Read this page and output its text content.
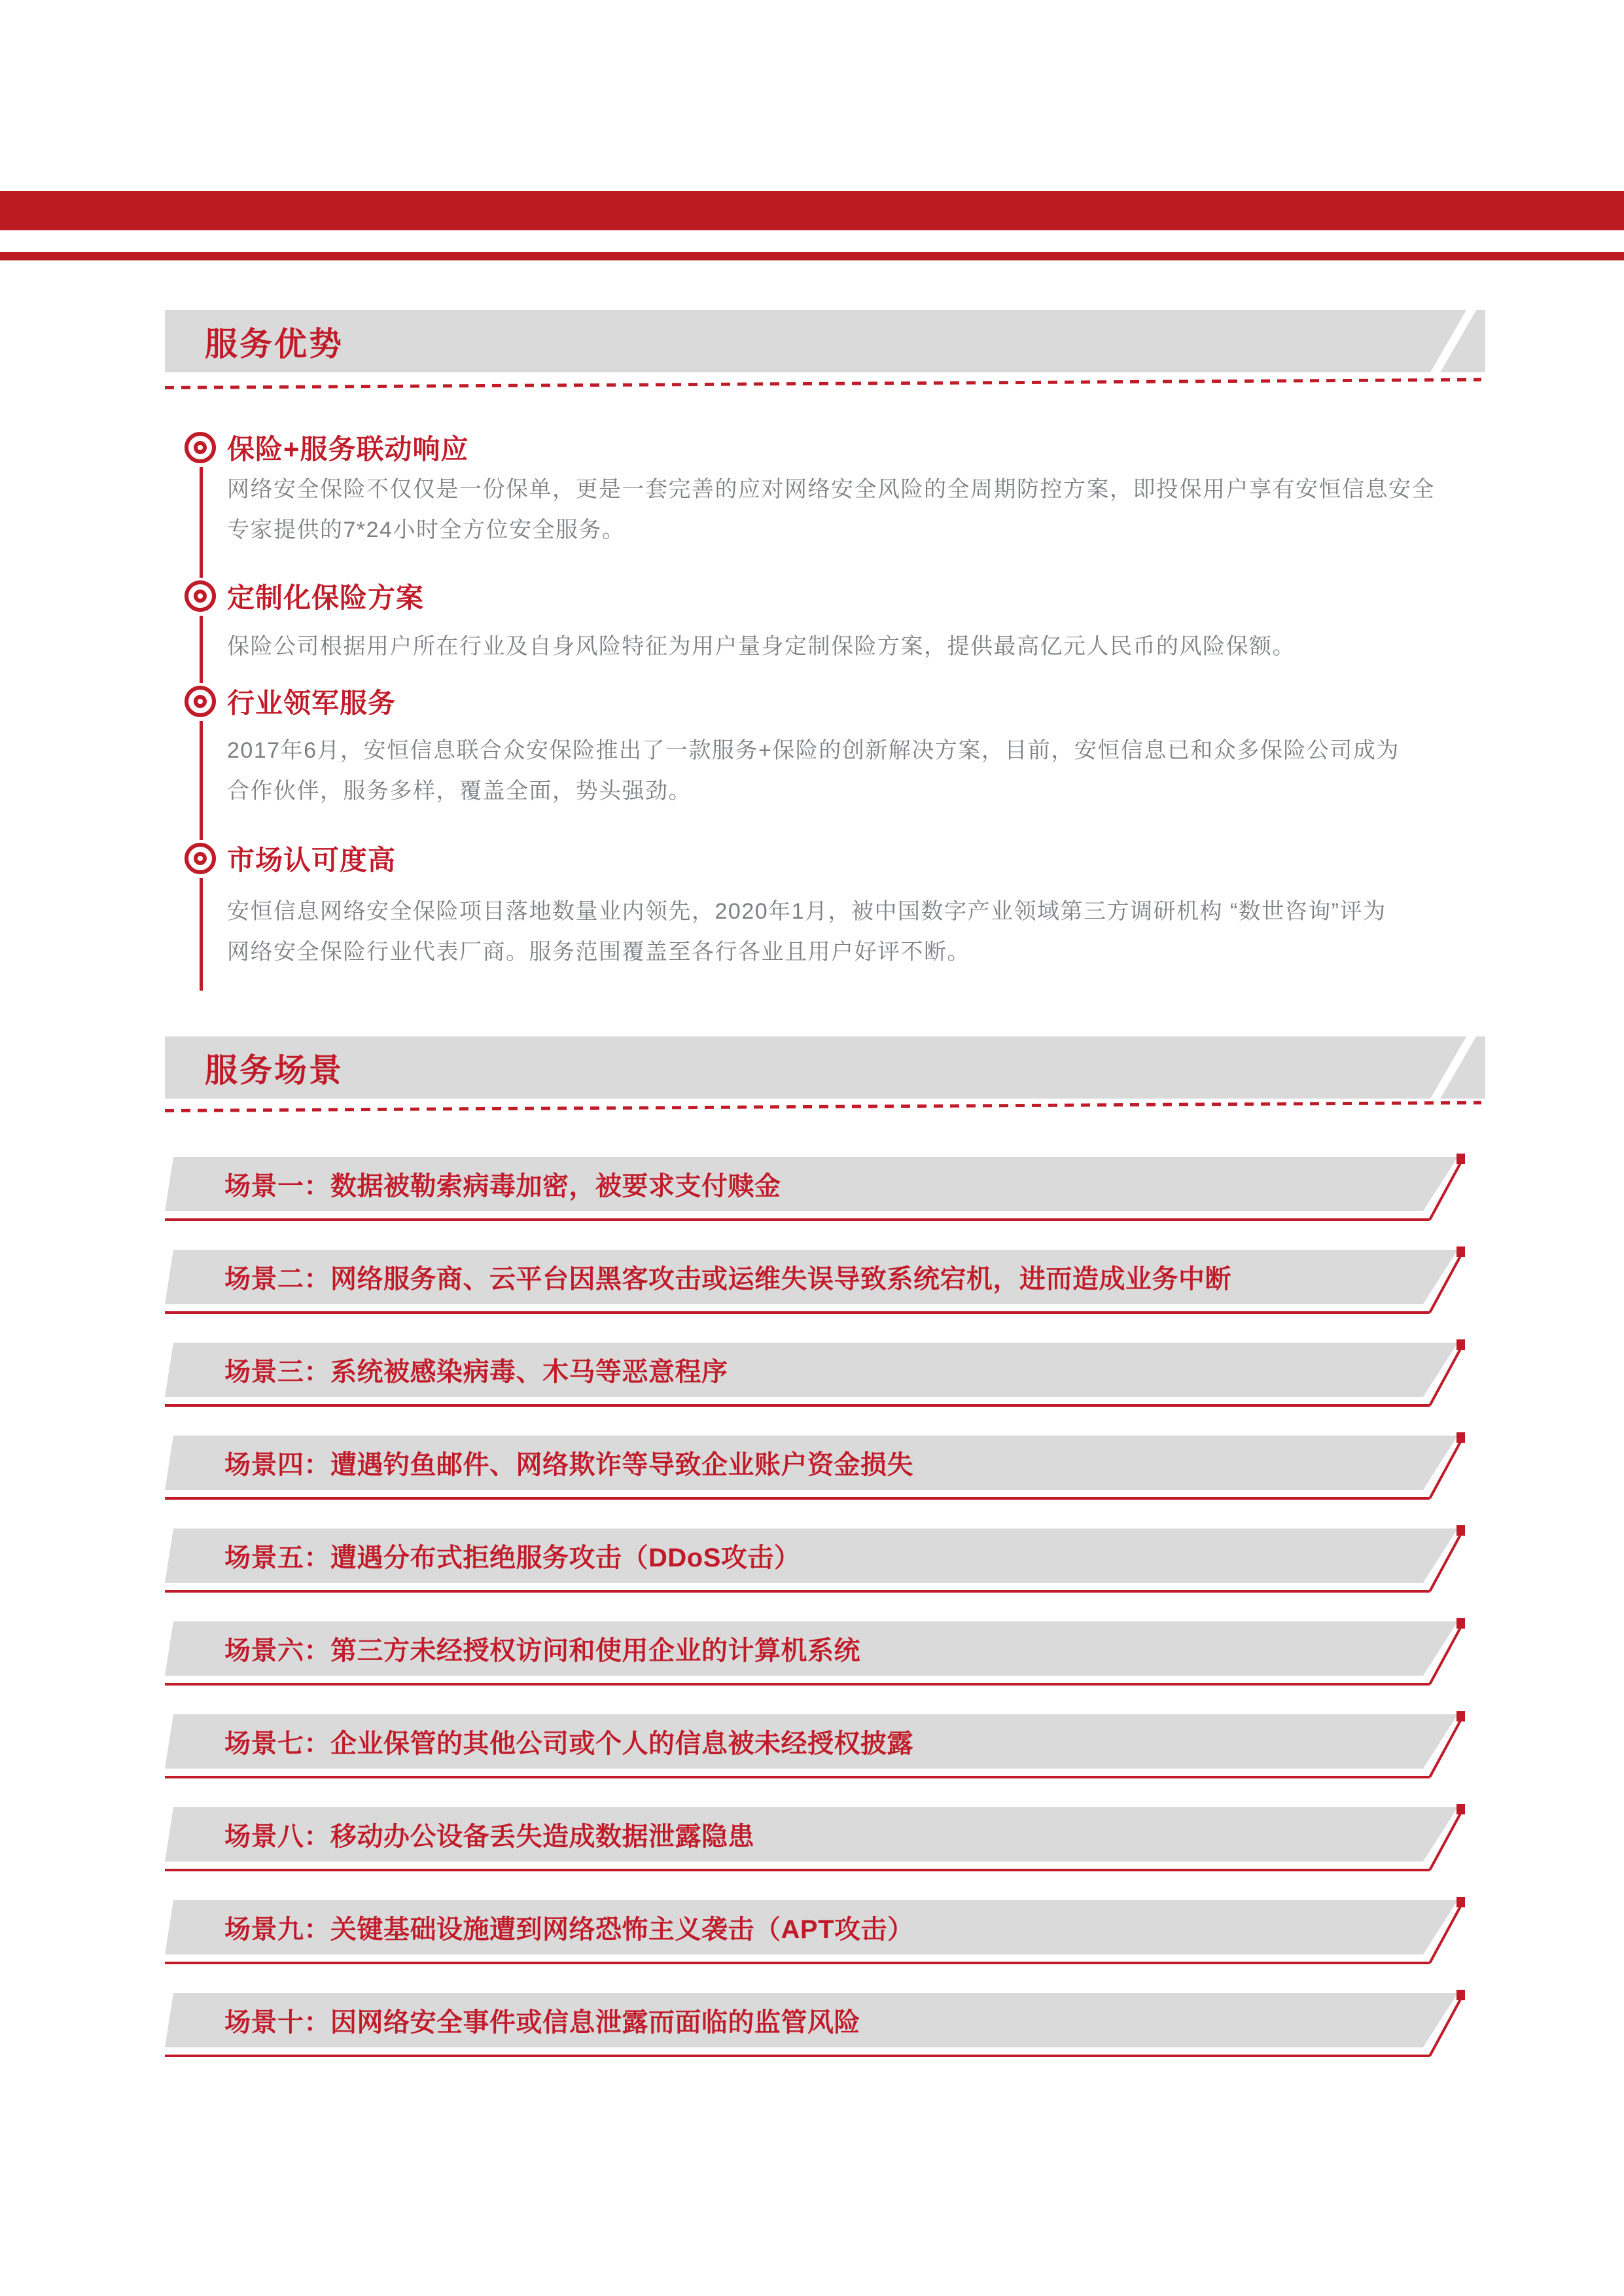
服务优势
保险+服务联动响应
网络安全保险不仅仅是一份保单，更是一套完善的应对网络安全风险的全周期防控方案，即投保用户享有安恒信息安全
专家提供的7*24小时全方位安全服务。
定制化保险方案
保险公司根据用户所在行业及自身风险特征为用户量身定制保险方案，提供最高亿元人民币的风险保额。
行业领军服务
2017年6月，安恒信息联合众安保险推出了一款服务+保险的创新解决方案，目前，安恒信息已和众多保险公司成为
合作伙伴，服务多样，覆盖全面，势头强劲。
市场认可度高
安恒信息网络安全保险项目落地数量业内领先，2020年1月，被中国数字产业领域第三方调研机构 “数世咨询”评为
网络安全保险行业代表厂商。服务范围覆盖至各行各业且用户好评不断。
服务场景
场景一：数据被勒索病毒加密，被要求支付赎金
场景二：网络服务商、云平台因黑客攻击或运维失误导致系统宕机，进而造成业务中断
场景三：系统被感染病毒、木马等恶意程序
场景四：遭遇钓鱼邮件、网络欺诈等导致企业账户资金损失
场景五：遭遇分布式拒绝服务攻击（DDoS攻击）
场景六：第三方未经授权访问和使用企业的计算机系统
场景七：企业保管的其他公司或个人的信息被未经授权披露
场景八：移动办公设备丢失造成数据泄露隐患
场景九：关键基础设施遭到网络恐怖主义袭击（APT攻击）
场景十：因网络安全事件或信息泄露而面临的监管风险
